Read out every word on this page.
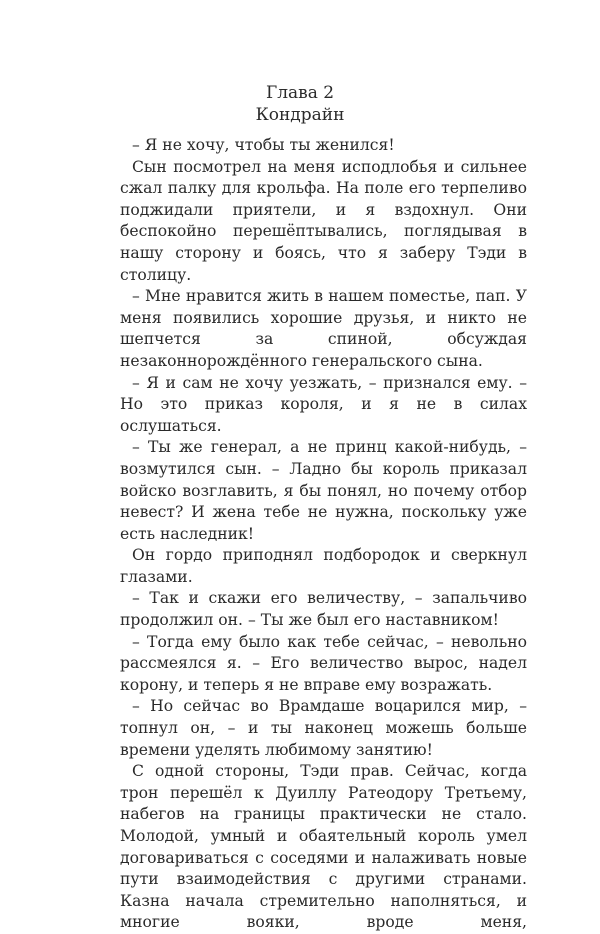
Глава 2
Кондрайн

– Я не хочу, чтобы ты женился!

Сын посмотрел на меня исподлобья и сильнее сжал палку для крольфа. На поле его терпеливо поджидали приятели, и я вздохнул. Они беспокойно перешёптывались, поглядывая в нашу сторону и боясь, что я заберу Тэди в столицу.

– Мне нравится жить в нашем поместье, пап. У меня появились хорошие друзья, и никто не шепчется за спиной, обсуждая незаконнорождённого генеральского сына.

– Я и сам не хочу уезжать, – признался ему. – Но это приказ короля, и я не в силах ослушаться.

– Ты же генерал, а не принц какой-нибудь, – возмутился сын. – Ладно бы король приказал войско возглавить, я бы понял, но почему отбор невест? И жена тебе не нужна, поскольку уже есть наследник!

Он гордо приподнял подбородок и сверкнул глазами.

– Так и скажи его величеству, – запальчиво продолжил он. – Ты же был его наставником!

– Тогда ему было как тебе сейчас, – невольно рассмеялся я. – Его величество вырос, надел корону, и теперь я не вправе ему возражать.

– Но сейчас во Врамдаше воцарился мир, – топнул он, – и ты наконец можешь больше времени уделять любимому занятию!

С одной стороны, Тэди прав. Сейчас, когда трон перешёл к Дуиллу Ратеодору Третьему, набегов на границы практически не стало. Молодой, умный и обаятельный король умел договариваться с соседями и налаживать новые пути взаимодействия с другими странами. Казна начала стремительно наполняться, и многие вояки, вроде меня,
